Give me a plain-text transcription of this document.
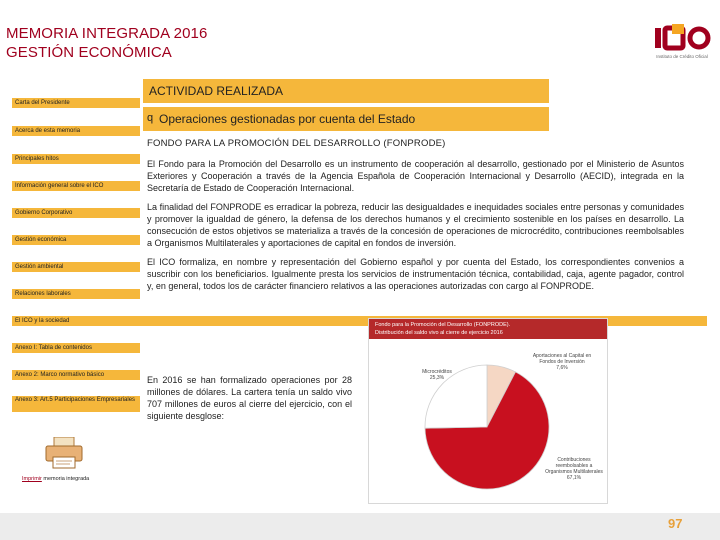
MEMORIA INTEGRADA 2016
GESTIÓN ECONÓMICA	Instituto de Crédito Oficial
ACTIVIDAD REALIZADA
Carta del Presidente
Acerca de esta memoria
Principales hitos
Información general sobre el ICO
Gobierno Corporativo
Gestión económica
Gestión ambiental
Relaciones laborales
El ICO y la sociedad
Anexo I: Tabla de contenidos
Anexo 2: Marco normativo básico
Anexo 3: Art.5 Participaciones Empresariales
q Operaciones gestionadas por cuenta del Estado
FONDO PARA LA PROMOCIÓN DEL DESARROLLO (FONPRODE)
El Fondo para la Promoción del Desarrollo es un instrumento de cooperación al desarrollo, gestionado por el Ministerio de Asuntos Exteriores y Cooperación a través de la Agencia Española de Cooperación Internacional y Desarrollo (AECID), integrada en la Secretaría de Estado de Cooperación Internacional.
La finalidad del FONPRODE es erradicar la pobreza, reducir las desigualdades e inequidades sociales entre personas y comunidades y promover la igualdad de género, la defensa de los derechos humanos y el crecimiento sostenible en los países en desarrollo. La consecución de estos objetivos se materializa a través de la concesión de operaciones de microcrédito, contribuciones reembolsables a Organismos Multilaterales y aportaciones de capital en fondos de inversión.
El ICO formaliza, en nombre y representación del Gobierno español y por cuenta del Estado, los correspondientes convenios a suscribir con los beneficiarios. Igualmente presta los servicios de instrumentación técnica, contabilidad, caja, agente pagador, control y, en general, todos los de carácter financiero relativos a las operaciones autorizadas con cargo al FONPRODE.
En 2016 se han formalizado operaciones por 28 millones de dólares. La cartera tenía un saldo vivo 707 millones de euros al cierre del ejercicio, con el siguiente desglose:
Fondo para la Promoción del Desarrollo (FONPRODE).
Distribución del saldo vivo al cierre de ejercicio 2016
Aportaciones al Capital en Fondos de Inversión
7,6%
Microcréditos
25,3%
Contribuciones reembolsables a Organismos Multilaterales
67,1%
Imprimir memoria integrada
97
